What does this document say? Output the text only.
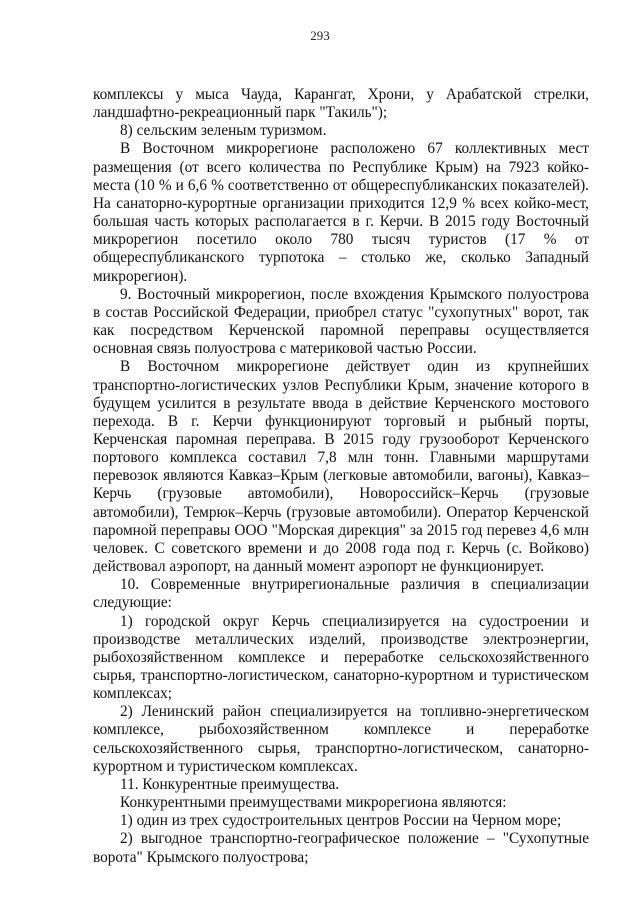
293

комплексы у мыса Чауда, Карангат, Хрони, у Арабатской стрелки, ландшафтно-рекреационный парк "Такиль");

8) сельским зеленым туризмом.

В Восточном микрорегионе расположено 67 коллективных мест размещения (от всего количества по Республике Крым) на 7923 койко-места (10 % и 6,6 % соответственно от общереспубликанских показателей). На санаторно-курортные организации приходится 12,9 % всех койко-мест, большая часть которых располагается в г. Керчи. В 2015 году Восточный микрорегион посетило около 780 тысяч туристов (17 % от общереспубликанского турпотока – столько же, сколько Западный микрорегион).

9. Восточный микрорегион, после вхождения Крымского полуострова в состав Российской Федерации, приобрел статус "сухопутных" ворот, так как посредством Керченской паромной переправы осуществляется основная связь полуострова с материковой частью России.

В Восточном микрорегионе действует один из крупнейших транспортно-логистических узлов Республики Крым, значение которого в будущем усилится в результате ввода в действие Керченского мостового перехода. В г. Керчи функционируют торговый и рыбный порты, Керченская паромная переправа. В 2015 году грузооборот Керченского портового комплекса составил 7,8 млн тонн. Главными маршрутами перевозок являются Кавказ–Крым (легковые автомобили, вагоны), Кавказ–Керчь (грузовые автомобили), Новороссийск–Керчь (грузовые автомобили), Темрюк–Керчь (грузовые автомобили). Оператор Керченской паромной переправы ООО "Морская дирекция" за 2015 год перевез 4,6 млн человек. С советского времени и до 2008 года под г. Керчь (с. Войково) действовал аэропорт, на данный момент аэропорт не функционирует.

10. Современные внутрирегиональные различия в специализации следующие:

1) городской округ Керчь специализируется на судостроении и производстве металлических изделий, производстве электроэнергии, рыбохозяйственном комплексе и переработке сельскохозяйственного сырья, транспортно-логистическом, санаторно-курортном и туристическом комплексах;

2) Ленинский район специализируется на топливно-энергетическом комплексе, рыбохозяйственном комплексе и переработке сельскохозяйственного сырья, транспортно-логистическом, санаторно-курортном и туристическом комплексах.

11. Конкурентные преимущества.

Конкурентными преимуществами микрорегиона являются:

1) один из трех судостроительных центров России на Черном море;

2) выгодное транспортно-географическое положение – "Сухопутные ворота" Крымского полуострова;
